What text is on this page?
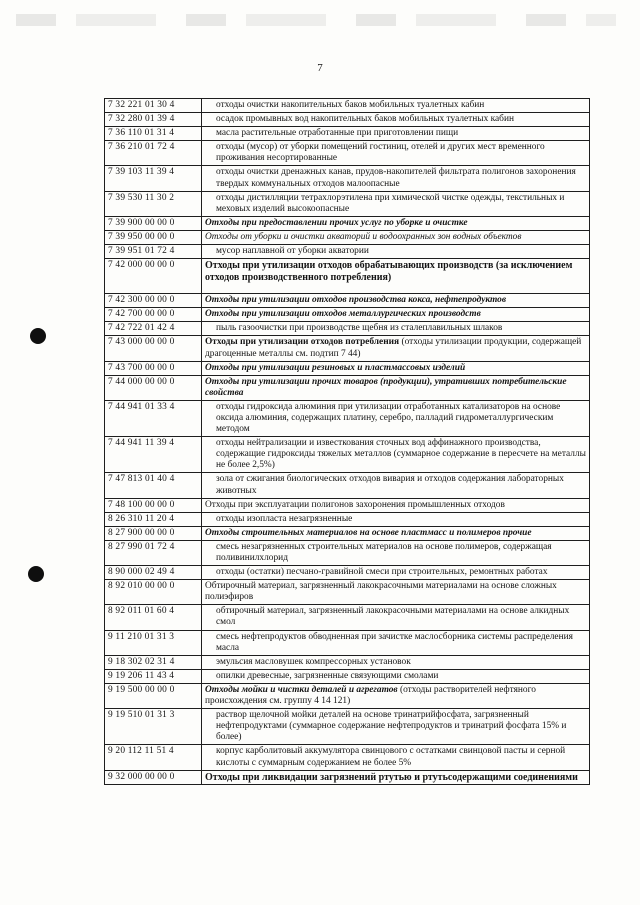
7
7 32 221 01 30 4	отходы очистки накопительных баков мобильных туалетных кабин
7 32 280 01 39 4	осадок промывных вод накопительных баков мобильных туалетных кабин
7 36 110 01 31 4	масла растительные отработанные при приготовлении пищи
7 36 210 01 72 4	отходы (мусор) от уборки помещений гостиниц, отелей и других мест временного проживания несортированные
7 39 103 11 39 4	отходы очистки дренажных канав, прудов-накопителей фильтрата полигонов захоронения твердых коммунальных отходов малоопасные
7 39 530 11 30 2	отходы дистилляции тетрахлорэтилена при химической чистке одежды, текстильных и меховых изделий высокоопасные
7 39 900 00 00 0	Отходы при предоставлении прочих услуг по уборке и очистке
7 39 950 00 00 0	Отходы от уборки и очистки акваторий и водоохранных зон водных объектов
7 39 951 01 72 4	мусор наплавной от уборки акватории
7 42 000 00 00 0	Отходы при утилизации отходов обрабатывающих производств (за исключением отходов производственного потребления)
7 42 300 00 00 0	Отходы при утилизации отходов производства кокса, нефтепродуктов
7 42 700 00 00 0	Отходы при утилизации отходов металлургических производств
7 42 722 01 42 4	пыль газоочистки при производстве щебня из сталеплавильных шлаков
7 43 000 00 00 0	Отходы при утилизации отходов потребления (отходы утилизации продукции, содержащей драгоценные металлы см. подтип 7 44)
7 43 700 00 00 0	Отходы при утилизации резиновых и пластмассовых изделий
7 44 000 00 00 0	Отходы при утилизации прочих товаров (продукции), утративших потребительские свойства
7 44 941 01 33 4	отходы гидроксида алюминия при утилизации отработанных катализаторов на основе оксида алюминия, содержащих платину, серебро, палладий гидрометаллургическим методом
7 44 941 11 39 4	отходы нейтрализации и известкования сточных вод аффинажного производства, содержащие гидроксиды тяжелых металлов (суммарное содержание в пересчете на металлы не более 2,5%)
7 47 813 01 40 4	зола от сжигания биологических отходов вивария и отходов содержания лабораторных животных
7 48 100 00 00 0	Отходы при эксплуатации полигонов захоронения промышленных отходов
8 26 310 11 20 4	отходы изопласта незагрязненные
8 27 900 00 00 0	Отходы строительных материалов на основе пластмасс и полимеров прочие
8 27 990 01 72 4	смесь незагрязненных строительных материалов на основе полимеров, содержащая поливинилхлорид
8 90 000 02 49 4	отходы (остатки) песчано-гравийной смеси при строительных, ремонтных работах
8 92 010 00 00 0	Обтирочный материал, загрязненный лакокрасочными материалами на основе сложных полиэфиров
8 92 011 01 60 4	обтирочный материал, загрязненный лакокрасочными материалами на основе алкидных смол
9 11 210 01 31 3	смесь нефтепродуктов обводненная при зачистке маслосборника системы распределения масла
9 18 302 02 31 4	эмульсия масловушек компрессорных установок
9 19 206 11 43 4	опилки древесные, загрязненные связующими смолами
9 19 500 00 00 0	Отходы мойки и чистки деталей и агрегатов (отходы растворителей нефтяного происхождения см. группу 4 14 121)
9 19 510 01 31 3	раствор щелочной мойки деталей на основе тринатрийфосфата, загрязненный нефтепродуктами (суммарное содержание нефтепродуктов и тринатрий фосфата 15% и более)
9 20 112 11 51 4	корпус карболитовый аккумулятора свинцового с остатками свинцовой пасты и серной кислоты с суммарным содержанием не более 5%
9 32 000 00 00 0	Отходы при ликвидации загрязнений ртутью и ртутьсодержащими соединениями
